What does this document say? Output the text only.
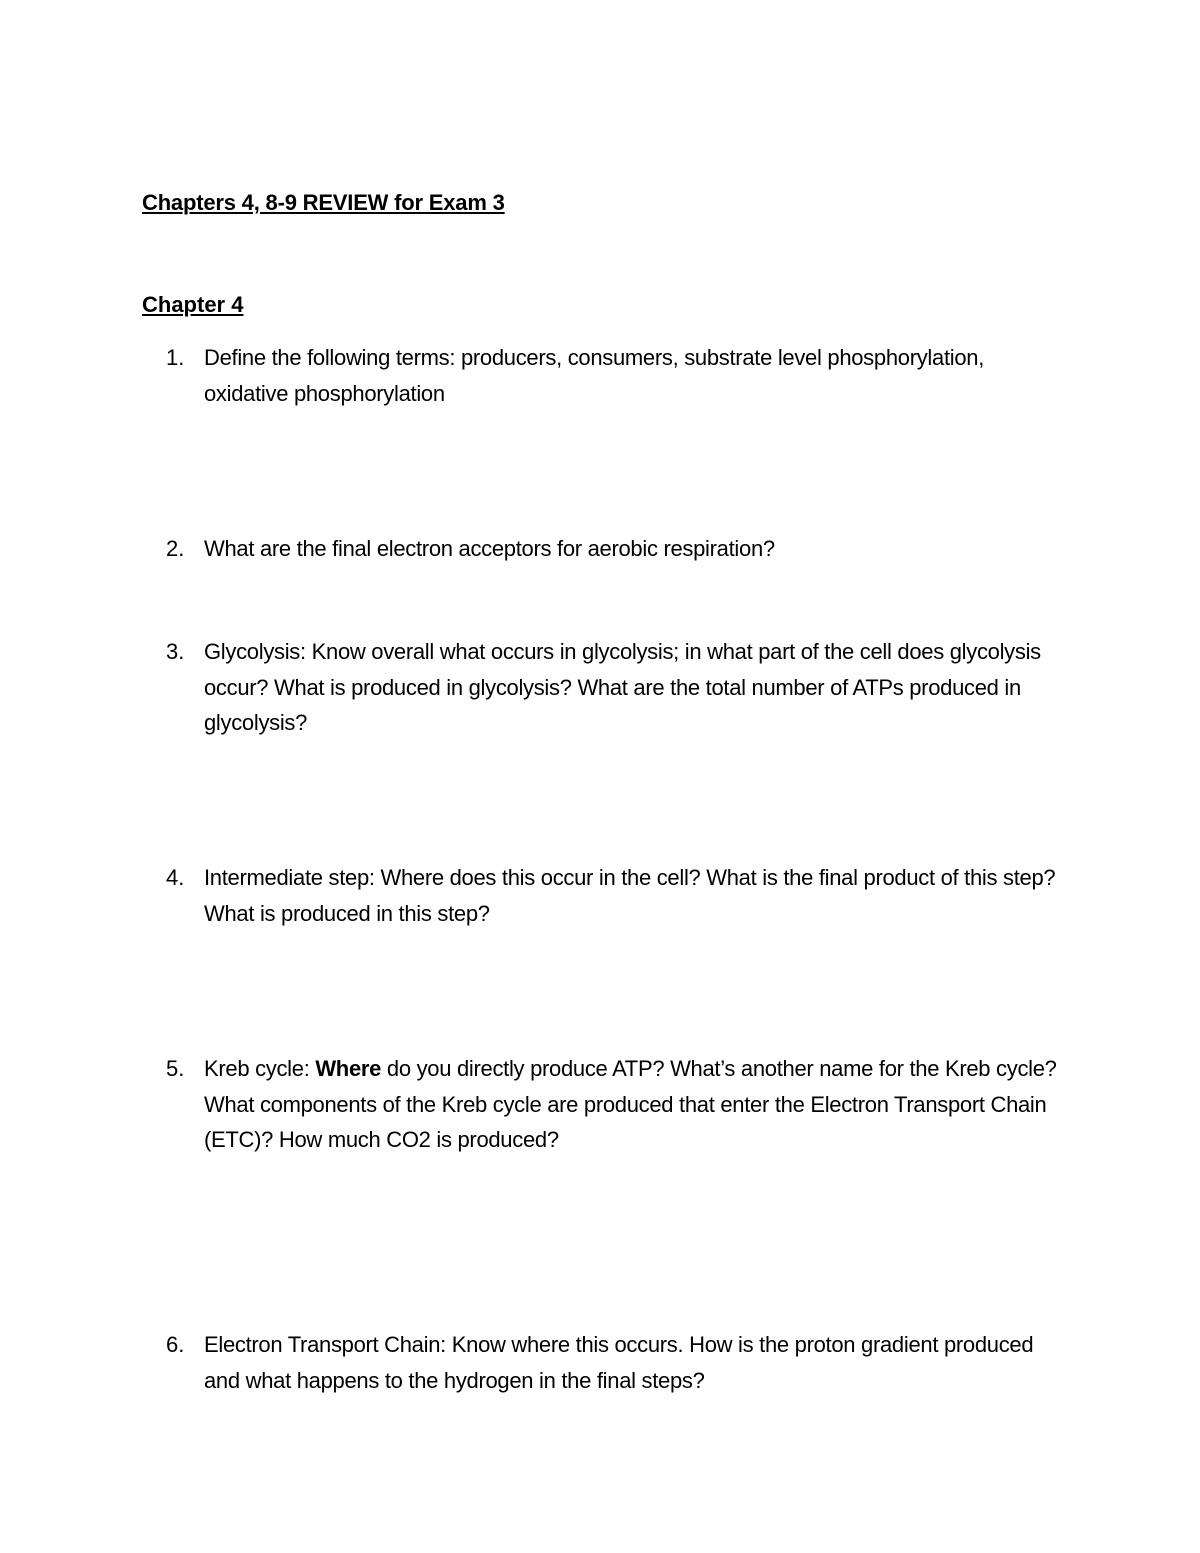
Chapters 4, 8-9 REVIEW for Exam 3
Chapter 4
1. Define the following terms: producers, consumers, substrate level phosphorylation, oxidative phosphorylation
2. What are the final electron acceptors for aerobic respiration?
3. Glycolysis: Know overall what occurs in glycolysis; in what part of the cell does glycolysis occur? What is produced in glycolysis? What are the total number of ATPs produced in glycolysis?
4. Intermediate step: Where does this occur in the cell? What is the final product of this step? What is produced in this step?
5. Kreb cycle: Where do you directly produce ATP? What’s another name for the Kreb cycle? What components of the Kreb cycle are produced that enter the Electron Transport Chain (ETC)? How much CO2 is produced?
6. Electron Transport Chain: Know where this occurs. How is the proton gradient produced and what happens to the hydrogen in the final steps?
